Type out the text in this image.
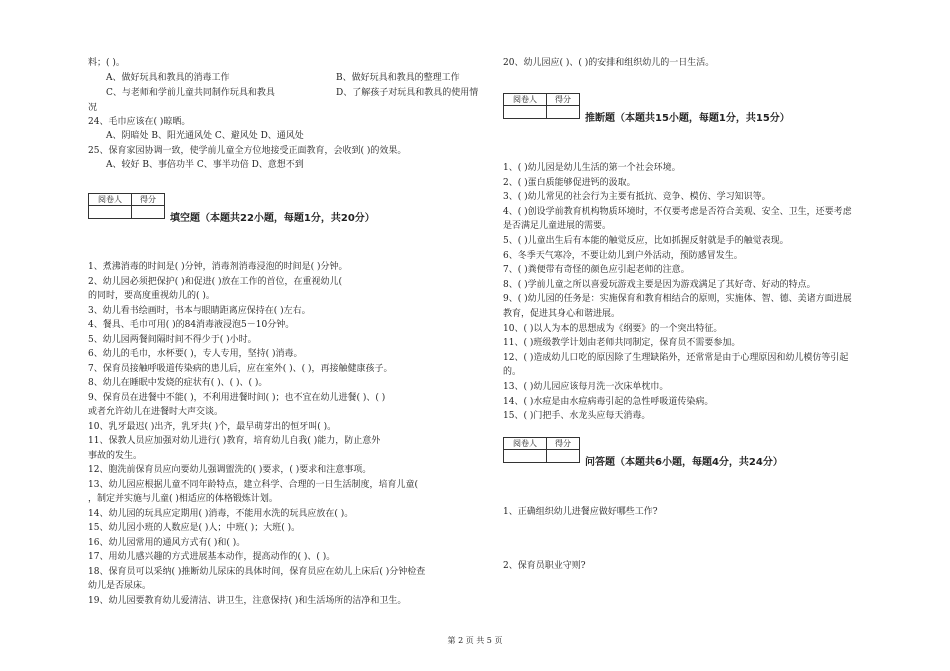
料；( )。
A、做好玩具和教具的消毒工作	B、做好玩具和教具的整理工作
C、与老师和学前儿童共同制作玩具和教具	D、了解孩子对玩具和教具的使用情
况
24、毛巾应该在( )晾晒。
A、阴暗处 B、阳光通风处 C、避风处 D、通风处
25、保育家园协调一致，使学前儿童全方位地接受正面教育，会收到( )的效果。
A、较好 B、事倍功半 C、事半功倍 D、意想不到
阅卷人	得分

填空题（本题共22小题，每题1分，共20分）
1、煮沸消毒的时间是( )分钟，消毒剂消毒浸泡的时间是( )分钟。
2、幼儿园必须把保护( )和促进( )放在工作的首位，在重视幼儿(
的同时，要高度重视幼儿的( )。
3、幼儿看书绘画时，书本与眼睛距离应保持在( )左右。
4、餐具、毛巾可用( )的84消毒液浸泡5－10分钟。
5、幼儿园两餐间隔时间不得少于( )小时。
6、幼儿的毛巾，水杯要( )，专人专用，坚持( )消毒。
7、保育员接触呼吸道传染病的患儿后，应在室外( )、( )，再接触健康孩子。
8、幼儿在睡眠中发烧的症状有( )、( )、( )。
9、保育员在进餐中不能( )，不利用进餐时间( )；也不宜在幼儿进餐( )、( )
或者允许幼儿在进餐时大声交谈。
10、乳牙最迟( )出齐，乳牙共( )个，最早萌芽出的恒牙叫( )。
11、保教人员应加强对幼儿进行( )教育，培育幼儿自我( )能力，防止意外
事故的发生。
12、胞洗前保育员应向要幼儿强调盥洗的( )要求，( )要求和注意事项。
13、幼儿园应根据儿童不同年龄特点，建立科学、合理的一日生活制度，培育儿童(
，制定并实施与儿童( )相适应的体格锻炼计划。
14、幼儿园的玩具应定期用( )消毒，不能用水洗的玩具应放在( )。
15、幼儿园小班的人数应是( )人；中班( )；大班( )。
16、幼儿园常用的通风方式有( )和( )。
17、用幼儿感兴趣的方式进展基本动作，提高动作的( )、( )。
18、保育员可以采纳( )推断幼儿尿床的具体时间，保育员应在幼儿上床后( )分钟检查
幼儿是否尿床。
19、幼儿园要教育幼儿爱清洁、讲卫生，注意保持( )和生活场所的洁净和卫生。
20、幼儿园应( )、( )的安排和组织幼儿的一日生活。
阅卷人	得分

推断题（本题共15小题，每题1分，共15分）
1、( )幼儿园是幼儿生活的第一个社会环境。
2、( )蛋白质能够促进钙的汲取。
3、( )幼儿常见的社会行为主要有抵抗、竞争、模仿、学习知识等。
4、( )创设学前教育机构物质环境时，不仅要考虑是否符合美观、安全、卫生，还要考虑
是否满足儿童进展的需要。
5、( )儿童出生后有本能的触觉反应，比如抓握反射就是手的触觉表现。
6、冬季天气寒冷，不要让幼儿到户外活动，预防感冒发生。
7、( )粪便带有奇怪的颜色应引起老师的注意。
8、( )学前儿童之所以喜爱玩游戏主要是因为游戏满足了其好奇、好动的特点。
9、( )幼儿园的任务是：实施保育和教育相结合的原则，实施体、智、德、美诸方面进展
教育，促进其身心和谐进展。
10、( )以人为本的思想成为《纲要》的一个突出特征。
11、( )班级教学计划由老师共同制定，保育员不需要参加。
12、( )造成幼儿口吃的原因除了生理缺陷外，还常常是由于心理原因和幼儿模仿等引起
的。
13、( )幼儿园应该每月洗一次床单枕巾。
14、( )水痘是由水痘病毒引起的急性呼吸道传染病。
15、( )门把手、水龙头应每天消毒。
阅卷人	得分

问答题（本题共6小题，每题4分，共24分）
1、正确组织幼儿进餐应做好哪些工作?
2、保育员职业守则?
第 2 页 共 5 页
